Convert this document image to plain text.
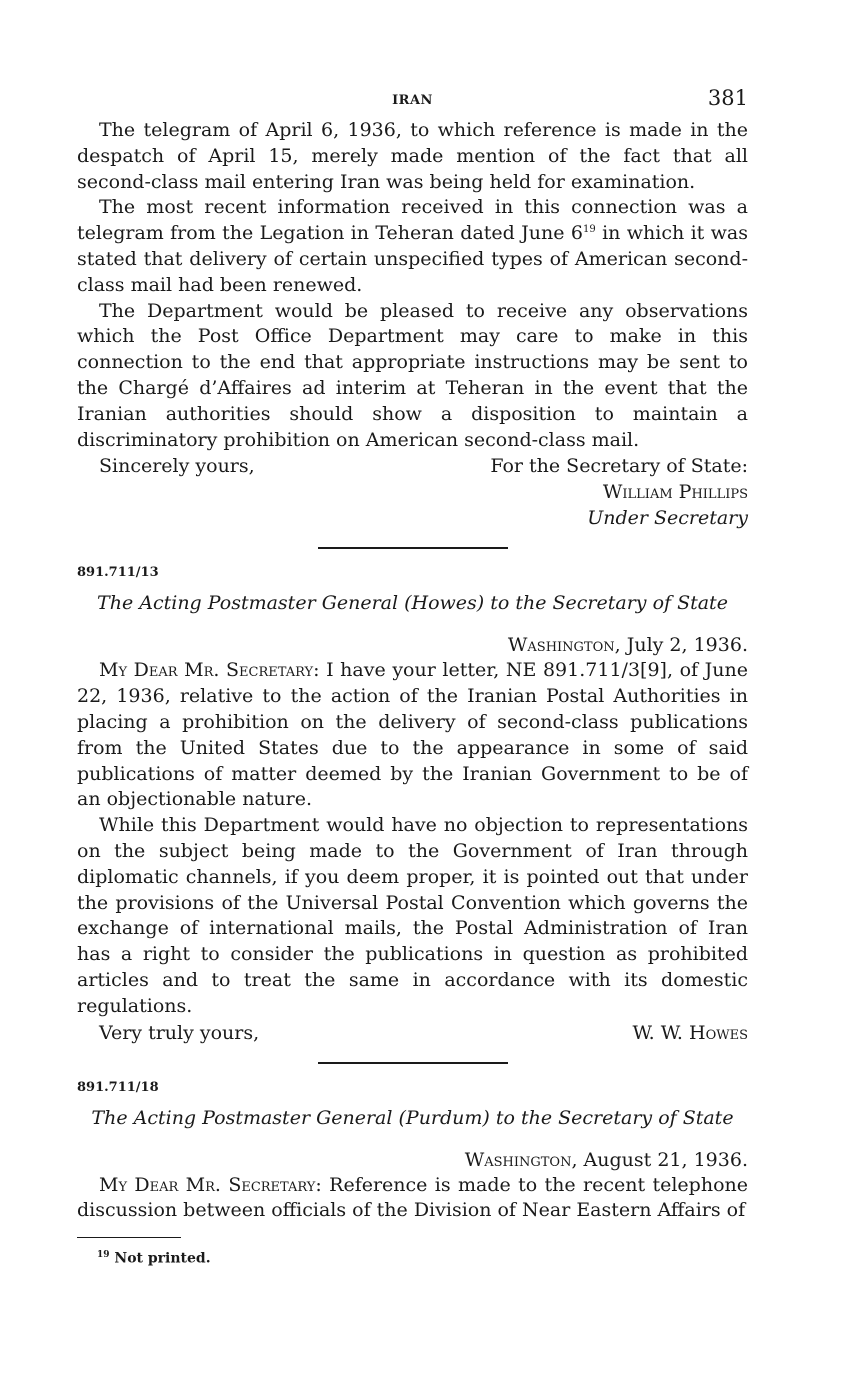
IRAN	381

The telegram of April 6, 1936, to which reference is made in the despatch of April 15, merely made mention of the fact that all second-class mail entering Iran was being held for examination.

The most recent information received in this connection was a telegram from the Legation in Teheran dated June 6$^{19}$ in which it was stated that delivery of certain unspecified types of American second-class mail had been renewed.

The Department would be pleased to receive any observations which the Post Office Department may care to make in this connection to the end that appropriate instructions may be sent to the Chargé d’Affaires ad interim at Teheran in the event that the Iranian authorities should show a disposition to maintain a discriminatory prohibition on American second-class mail.

Sincerely yours,	For the Secretary of State:
William Phillips
Under Secretary
891.711/13
The Acting Postmaster General (Howes) to the Secretary of State
Washington, July 2, 1936.

My Dear Mr. Secretary: I have your letter, NE 891.711/3[9], of June 22, 1936, relative to the action of the Iranian Postal Authorities in placing a prohibition on the delivery of second-class publications from the United States due to the appearance in some of said publications of matter deemed by the Iranian Government to be of an objectionable nature.

While this Department would have no objection to representations on the subject being made to the Government of Iran through diplomatic channels, if you deem proper, it is pointed out that under the provisions of the Universal Postal Convention which governs the exchange of international mails, the Postal Administration of Iran has a right to consider the publications in question as prohibited articles and to treat the same in accordance with its domestic regulations.

Very truly yours,	W. W. Howes
891.711/18
The Acting Postmaster General (Purdum) to the Secretary of State
Washington, August 21, 1936.

My Dear Mr. Secretary: Reference is made to the recent telephone discussion between officials of the Division of Near Eastern Affairs of

$^{19}$ Not printed.
